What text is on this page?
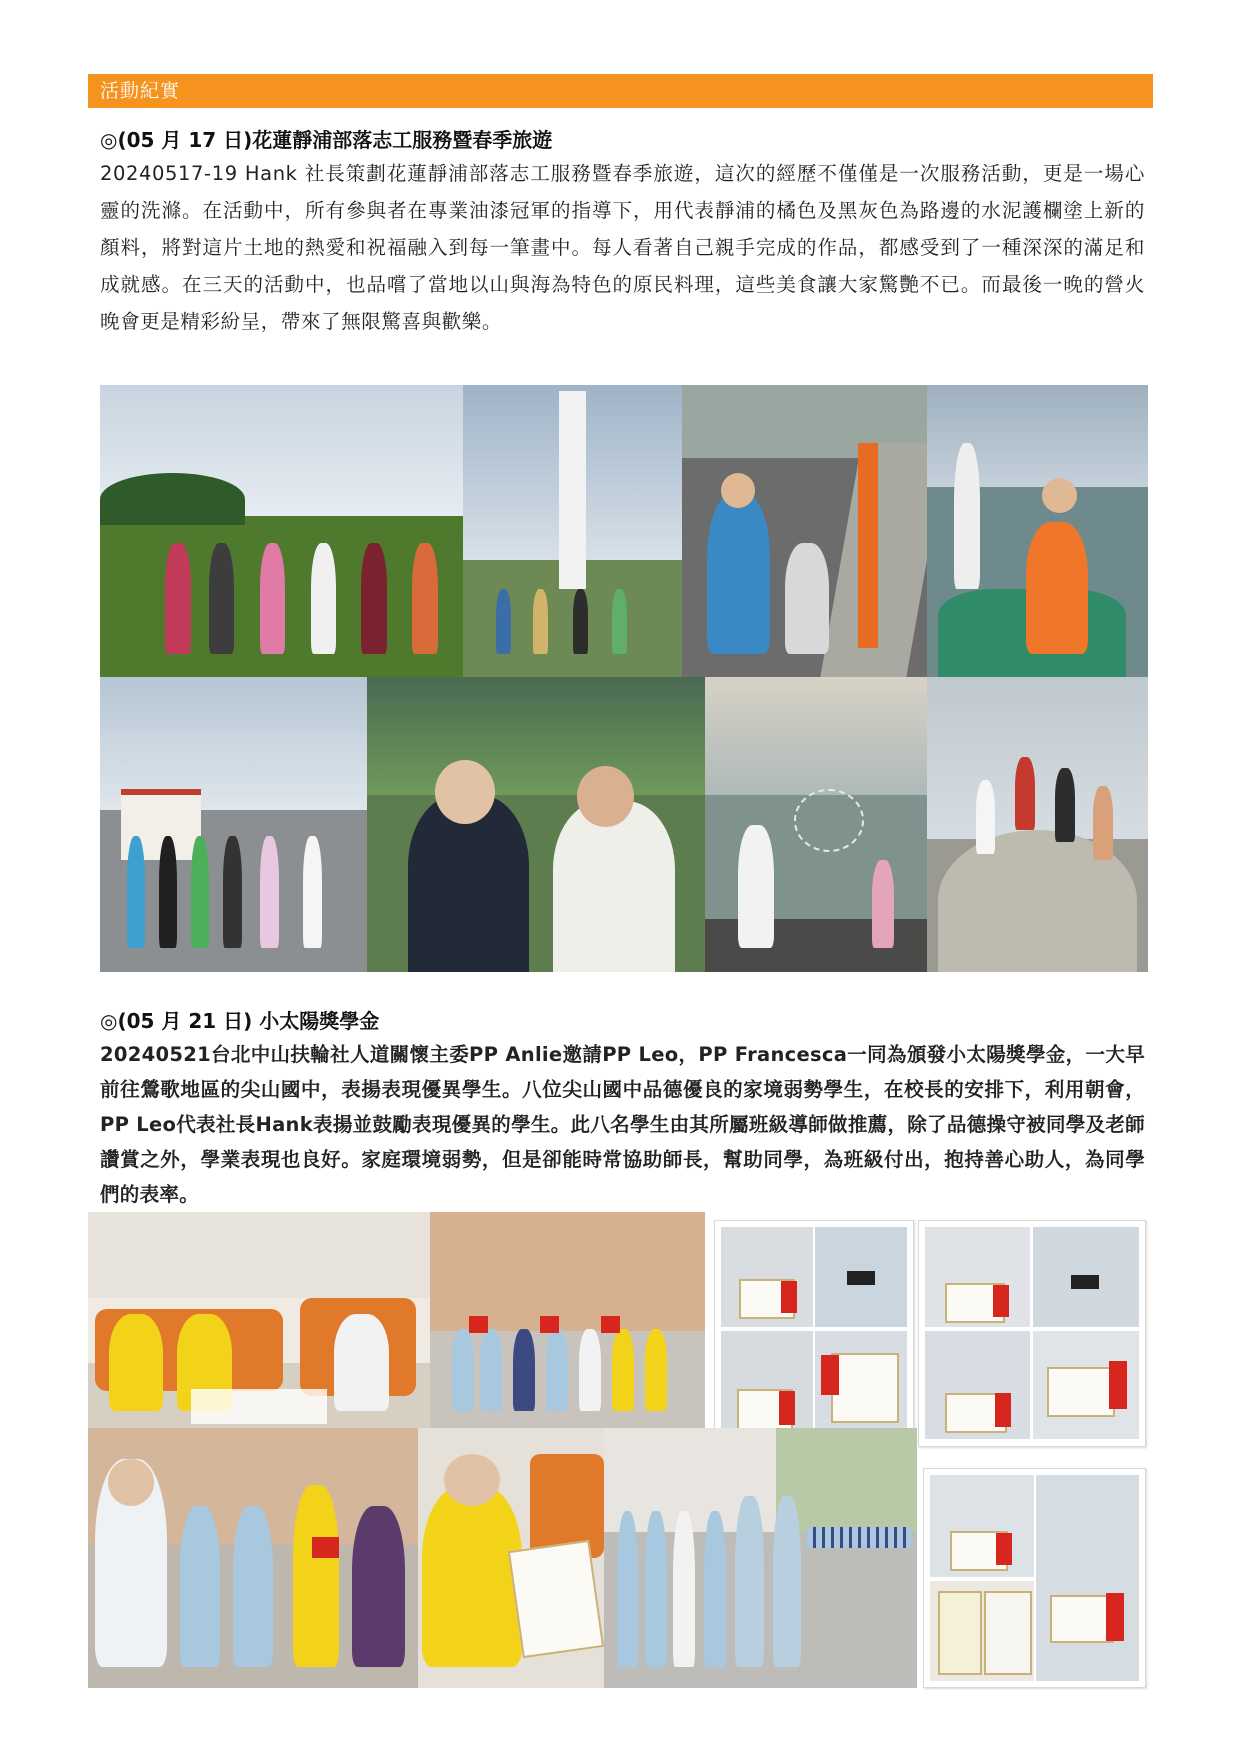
活動紀實
◎(05 月 17 日)花蓮靜浦部落志工服務暨春季旅遊
20240517-19 Hank 社長策劃花蓮靜浦部落志工服務暨春季旅遊，這次的經歷不僅僅是一次服務活動，更是一場心靈的洗滌。在活動中，所有參與者在專業油漆冠軍的指導下，用代表靜浦的橘色及黑灰色為路邊的水泥護欄塗上新的顏料，將對這片土地的熱愛和祝福融入到每一筆畫中。每人看著自己親手完成的作品，都感受到了一種深深的滿足和成就感。在三天的活動中，也品嚐了當地以山與海為特色的原民料理，這些美食讓大家驚艷不已。而最後一晚的營火晚會更是精彩紛呈，帶來了無限驚喜與歡樂。
◎(05 月 21 日) 小太陽獎學金
20240521台北中山扶輪社人道關懷主委PP Anlie邀請PP Leo，PP Francesca一同為頒發小太陽獎學金，一大早前往鶯歌地區的尖山國中，表揚表現優異學生。八位尖山國中品德優良的家境弱勢學生，在校長的安排下，利用朝會，PP Leo代表社長Hank表揚並鼓勵表現優異的學生。此八名學生由其所屬班級導師做推薦，除了品德操守被同學及老師讚賞之外，學業表現也良好。家庭環境弱勢，但是卻能時常協助師長，幫助同學，為班級付出，抱持善心助人，為同學們的表率。
